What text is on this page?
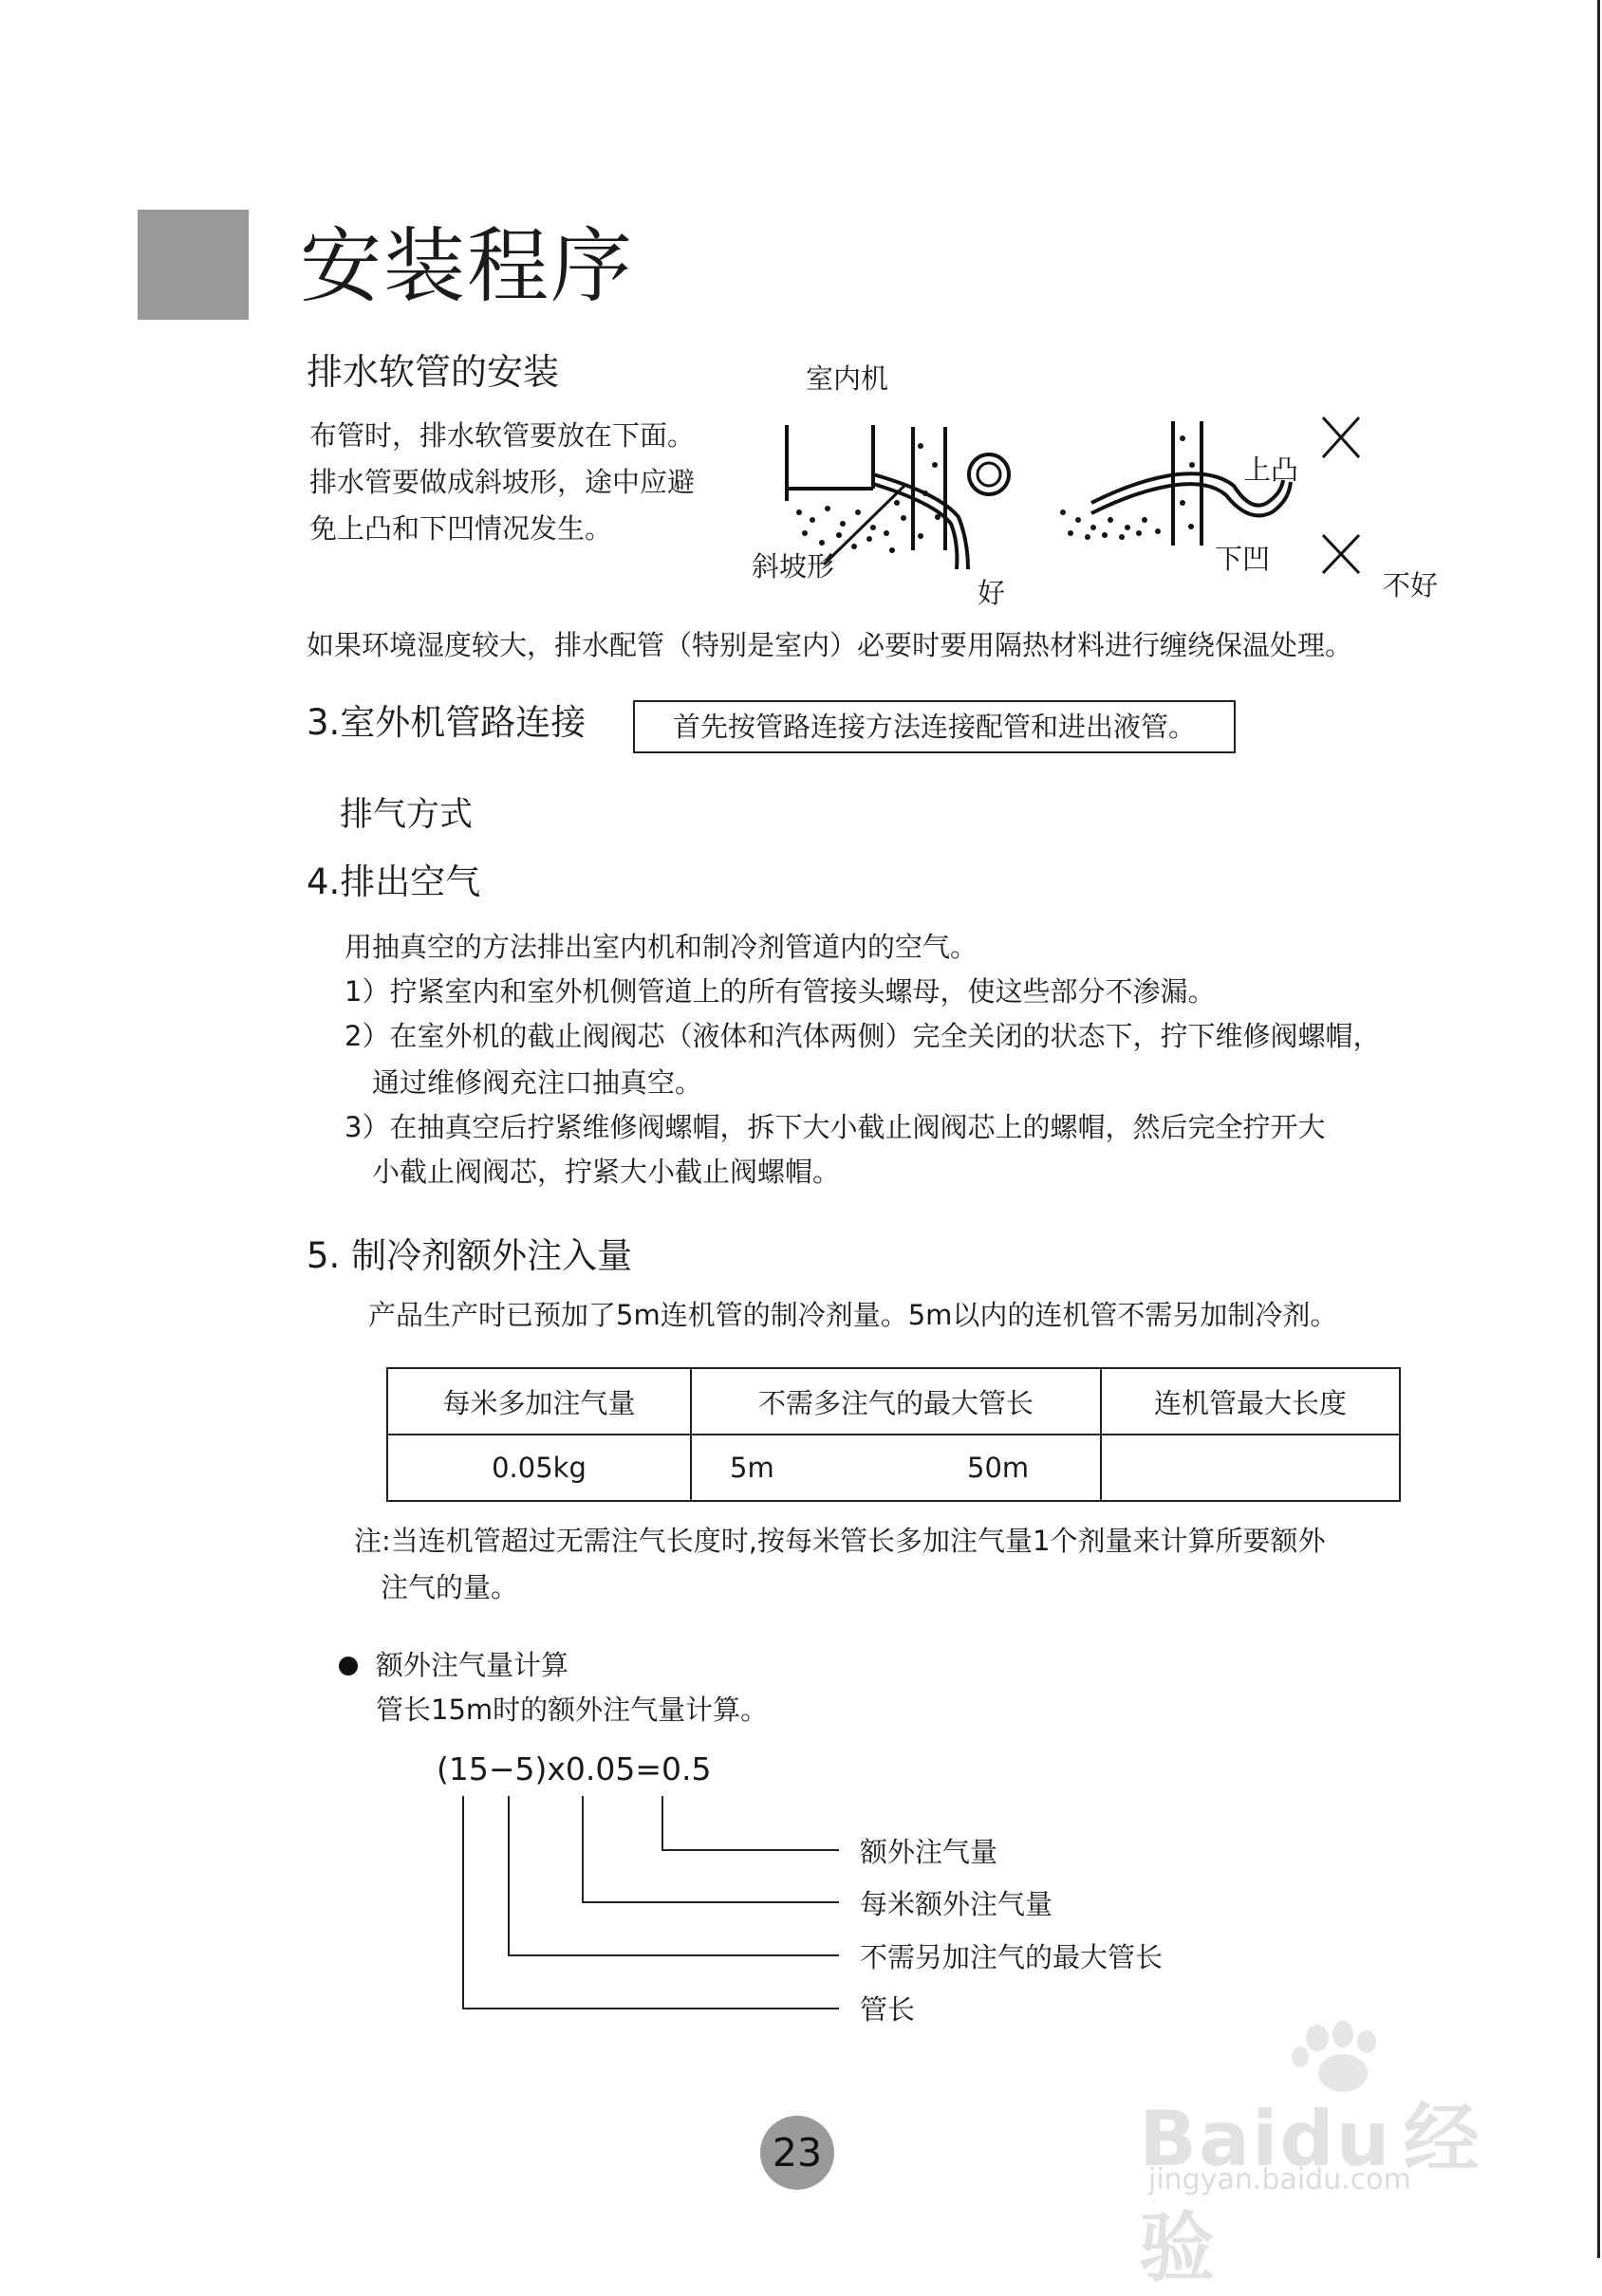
安装程序
排水软管的安装
布管时，排水软管要放在下面。
排水管要做成斜坡形，途中应避
免上凸和下凹情况发生。
室内机
斜坡形
好
上凸
下凹
不好
如果环境湿度较大，排水配管（特别是室内）必要时要用隔热材料进行缠绕保温处理。
3.室外机管路连接	首先按管路连接方法连接配管和进出液管。
排气方式
4.排出空气
用抽真空的方法排出室内机和制冷剂管道内的空气。
1）拧紧室内和室外机侧管道上的所有管接头螺母，使这些部分不渗漏。
2）在室外机的截止阀阀芯（液体和汽体两侧）完全关闭的状态下，拧下维修阀螺帽，
通过维修阀充注口抽真空。
3）在抽真空后拧紧维修阀螺帽，拆下大小截止阀阀芯上的螺帽，然后完全拧开大
小截止阀阀芯，拧紧大小截止阀螺帽。
5. 制冷剂额外注入量
产品生产时已预加了5m连机管的制冷剂量。5m以内的连机管不需另加制冷剂。
每米多加注气量	不需多注气的最大管长	连机管最大长度
0.05kg	5m 50m	
注:当连机管超过无需注气长度时,按每米管长多加注气量1个剂量来计算所要额外
注气的量。
额外注气量计算
管长15m时的额外注气量计算。
(15−5)x0.05=0.5
额外注气量
每米额外注气量
不需另加注气的最大管长
管长
Baidu 经验
jingyan.baidu.com
23
